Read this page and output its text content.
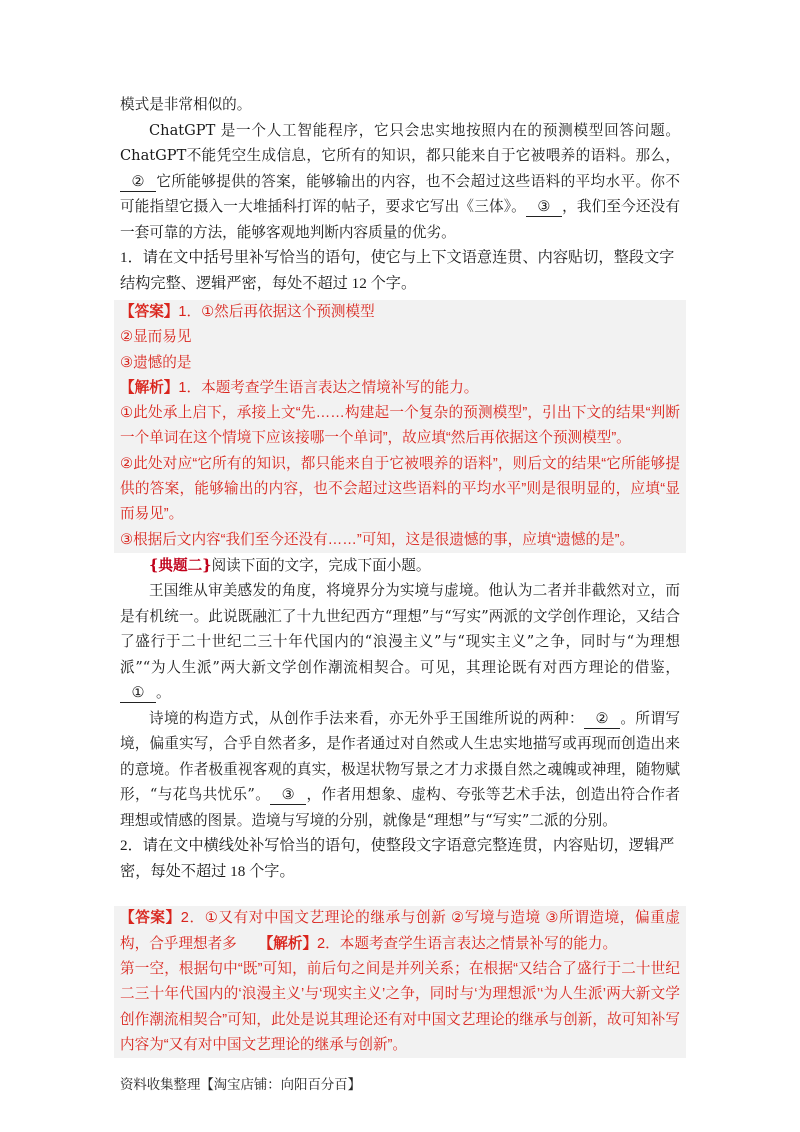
模式是非常相似的。

ChatGPT 是一个人工智能程序，它只会忠实地按照内在的预测模型回答问题。ChatGPT不能凭空生成信息，它所有的知识，都只能来自于它被喂养的语料。那么，② 它所能够提供的答案，能够输出的内容，也不会超过这些语料的平均水平。你不可能指望它摄入一大堆插科打诨的帖子，要求它写出《三体》。 ③ ，我们至今还没有一套可靠的方法，能够客观地判断内容质量的优劣。

1．请在文中括号里补写恰当的语句，使它与上下文语意连贯、内容贴切，整段文字结构完整、逻辑严密，每处不超过 12 个字。

【答案】1．①然后再依据这个预测模型

②显而易见

③遗憾的是

【解析】1．本题考查学生语言表达之情境补写的能力。

①此处承上启下，承接上文“先……构建起一个复杂的预测模型”，引出下文的结果“判断一个单词在这个情境下应该接哪一个单词”，故应填“然后再依据这个预测模型”。

②此处对应“它所有的知识，都只能来自于它被喂养的语料”，则后文的结果“它所能够提供的答案，能够输出的内容，也不会超过这些语料的平均水平”则是很明显的，应填“显而易见”。

③根据后文内容“我们至今还没有……”可知，这是很遗憾的事，应填“遗憾的是”。

{典题二}阅读下面的文字，完成下面小题。

王国维从审美感发的角度，将境界分为实境与虚境。他认为二者并非截然对立，而是有机统一。此说既融汇了十九世纪西方“理想”与“写实”两派的文学创作理论，又结合了盛行于二十世纪二三十年代国内的“浪漫主义”与“现实主义”之争，同时与“为理想派”“为人生派”两大新文学创作潮流相契合。可见，其理论既有对西方理论的借鉴，① 。

诗境的构造方式，从创作手法来看，亦无外乎王国维所说的两种： ② 。所谓写境，偏重实写，合乎自然者多，是作者通过对自然或人生忠实地描写或再现而创造出来的意境。作者极重视客观的真实，极逞状物写景之才力求摄自然之魂魄或神理，随物赋形，“与花鸟共忧乐”。 ③ ，作者用想象、虚构、夸张等艺术手法，创造出符合作者理想或情感的图景。造境与写境的分别，就像是“理想”与“写实”二派的分别。

2．请在文中横线处补写恰当的语句，使整段文字语意完整连贯，内容贴切，逻辑严密，每处不超过 18 个字。

【答案】2．①又有对中国文艺理论的继承与创新 ②写境与造境 ③所谓造境，偏重虚构，合乎理想者多　　 【解析】2．本题考查学生语言表达之情景补写的能力。

第一空，根据句中“既”可知，前后句之间是并列关系；在根据“又结合了盛行于二十世纪二三十年代国内的‘浪漫主义’与‘现实主义’之争，同时与‘为理想派’‘为人生派’两大新文学创作潮流相契合”可知，此处是说其理论还有对中国文艺理论的继承与创新，故可知补写内容为“又有对中国文艺理论的继承与创新”。

资料收集整理【淘宝店铺：向阳百分百】
